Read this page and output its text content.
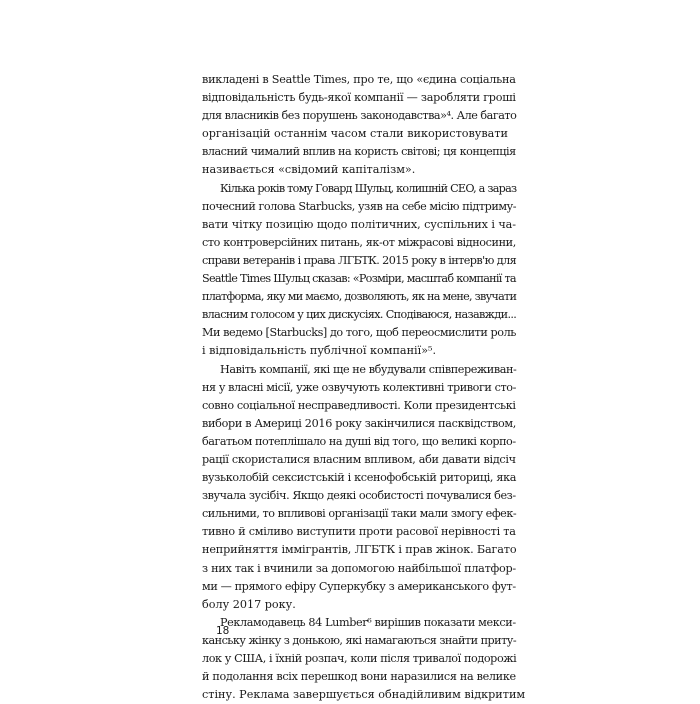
викладені в Seattle Times, про те, що «єдина соціальна
відповідальність будь-якої компанії — заробляти гроші
для власників без порушень законодавства»⁴. Але багато
організацій останнім часом стали використовувати
власний чималий вплив на користь світові; ця концепція
називається «свідомий капіталізм».
Кілька років тому Говард Шульц, колишній CEO, а зараз
почесний голова Starbucks, узяв на себе місію підтриму-
вати чітку позицію щодо політичних, суспільних і ча-
сто контроверсійних питань, як-от міжрасові відносини,
справи ветеранів і права ЛГБТК. 2015 року в інтерв'ю для
Seattle Times Шульц сказав: «Розміри, масштаб компанії та
платформа, яку ми маємо, дозволяють, як на мене, звучати
власним голосом у цих дискусіях. Сподіваюся, назавжди...
Ми ведемо [Starbucks] до того, щоб переосмислити роль
і відповідальність публічної компанії»⁵.
Навіть компанії, які ще не вбудували співпереживан-
ня у власні місії, уже озвучують колективні тривоги сто-
совно соціальної несправедливості. Коли президентські
вибори в Америці 2016 року закінчилися пасквідством,
багатьом потеплішало на душі від того, що великі корпо-
рації скористалися власним впливом, аби давати відсіч
вузьколобій сексистській і ксенофобській риториці, яка
звучала зусібіч. Якщо деякі особистості почувалися без-
сильними, то впливові організації таки мали змогу ефек-
тивно й сміливо виступити проти расової нерівності та
неприйняття іммігрантів, ЛГБТК і прав жінок. Багато
з них так і вчинили за допомогою найбільшої платфор-
ми — прямого ефіру Суперкубку з американського фут-
болу 2017 року.
Рекламодавець 84 Lumber⁶ вирішив показати мекси-
канську жінку з донькою, які намагаються знайти приту-
лок у США, і їхній розпач, коли після тривалої подорожі
й подолання всіх перешкод вони наразилися на велике
стіну. Реклама завершується обнадійливим відкритим
18
